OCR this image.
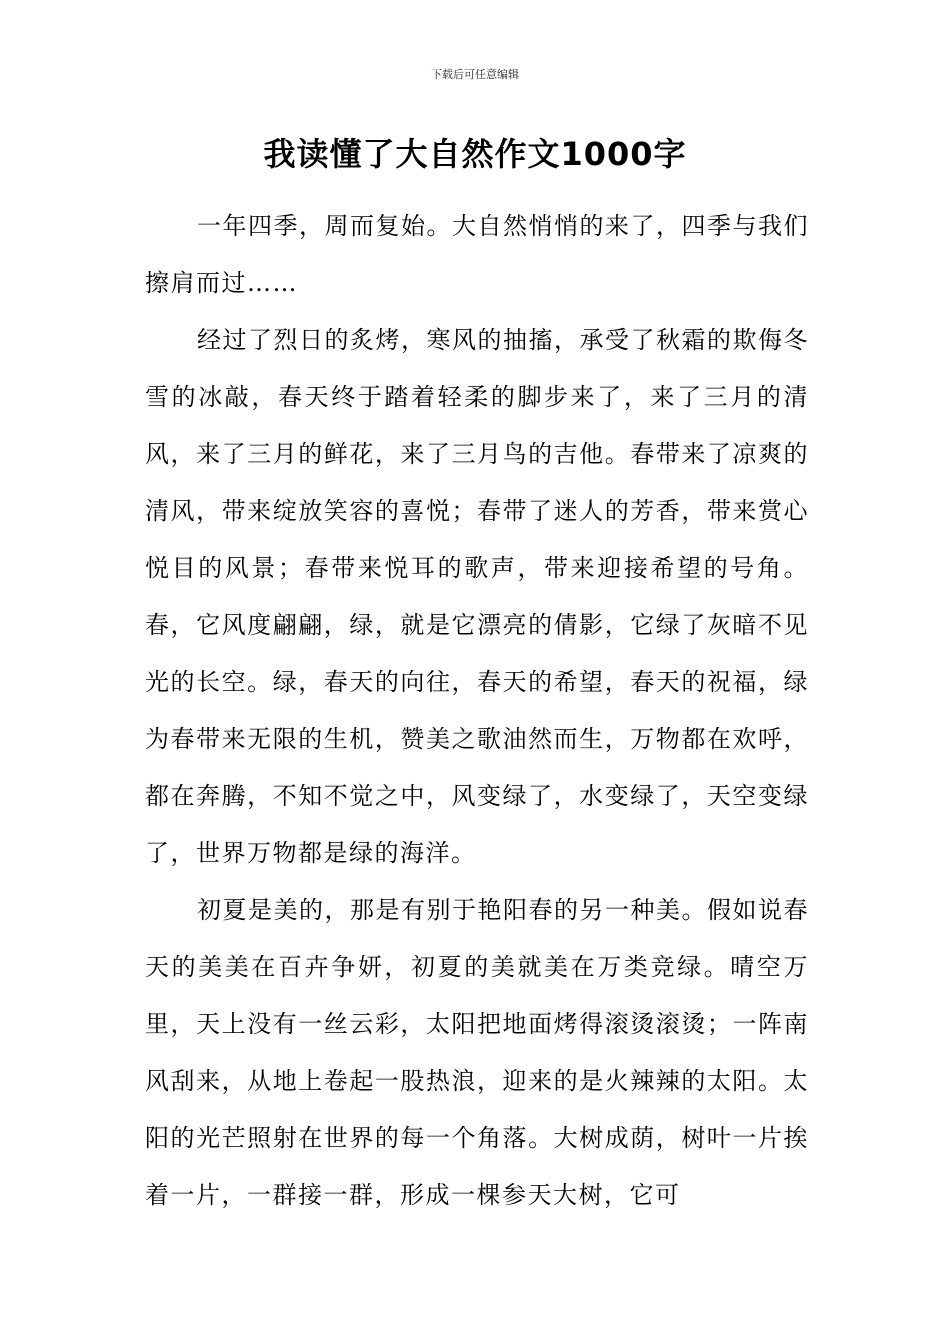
下载后可任意编辑
我读懂了大自然作文1000字

一年四季，周而复始。大自然悄悄的来了，四季与我们擦肩而过……

经过了烈日的炙烤，寒风的抽搐，承受了秋霜的欺侮冬雪的冰敲，春天终于踏着轻柔的脚步来了，来了三月的清风，来了三月的鲜花，来了三月鸟的吉他。春带来了凉爽的清风，带来绽放笑容的喜悦；春带了迷人的芳香，带来赏心悦目的风景；春带来悦耳的歌声，带来迎接希望的号角。春，它风度翩翩，绿，就是它漂亮的倩影，它绿了灰暗不见光的长空。绿，春天的向往，春天的希望，春天的祝福，绿为春带来无限的生机，赞美之歌油然而生，万物都在欢呼，都在奔腾，不知不觉之中，风变绿了，水变绿了，天空变绿了，世界万物都是绿的海洋。

初夏是美的，那是有别于艳阳春的另一种美。假如说春天的美美在百卉争妍，初夏的美就美在万类竞绿。晴空万里，天上没有一丝云彩，太阳把地面烤得滚烫滚烫；一阵南风刮来，从地上卷起一股热浪，迎来的是火辣辣的太阳。太阳的光芒照射在世界的每一个角落。大树成荫，树叶一片挨着一片，一群接一群，形成一棵参天大树，它可
